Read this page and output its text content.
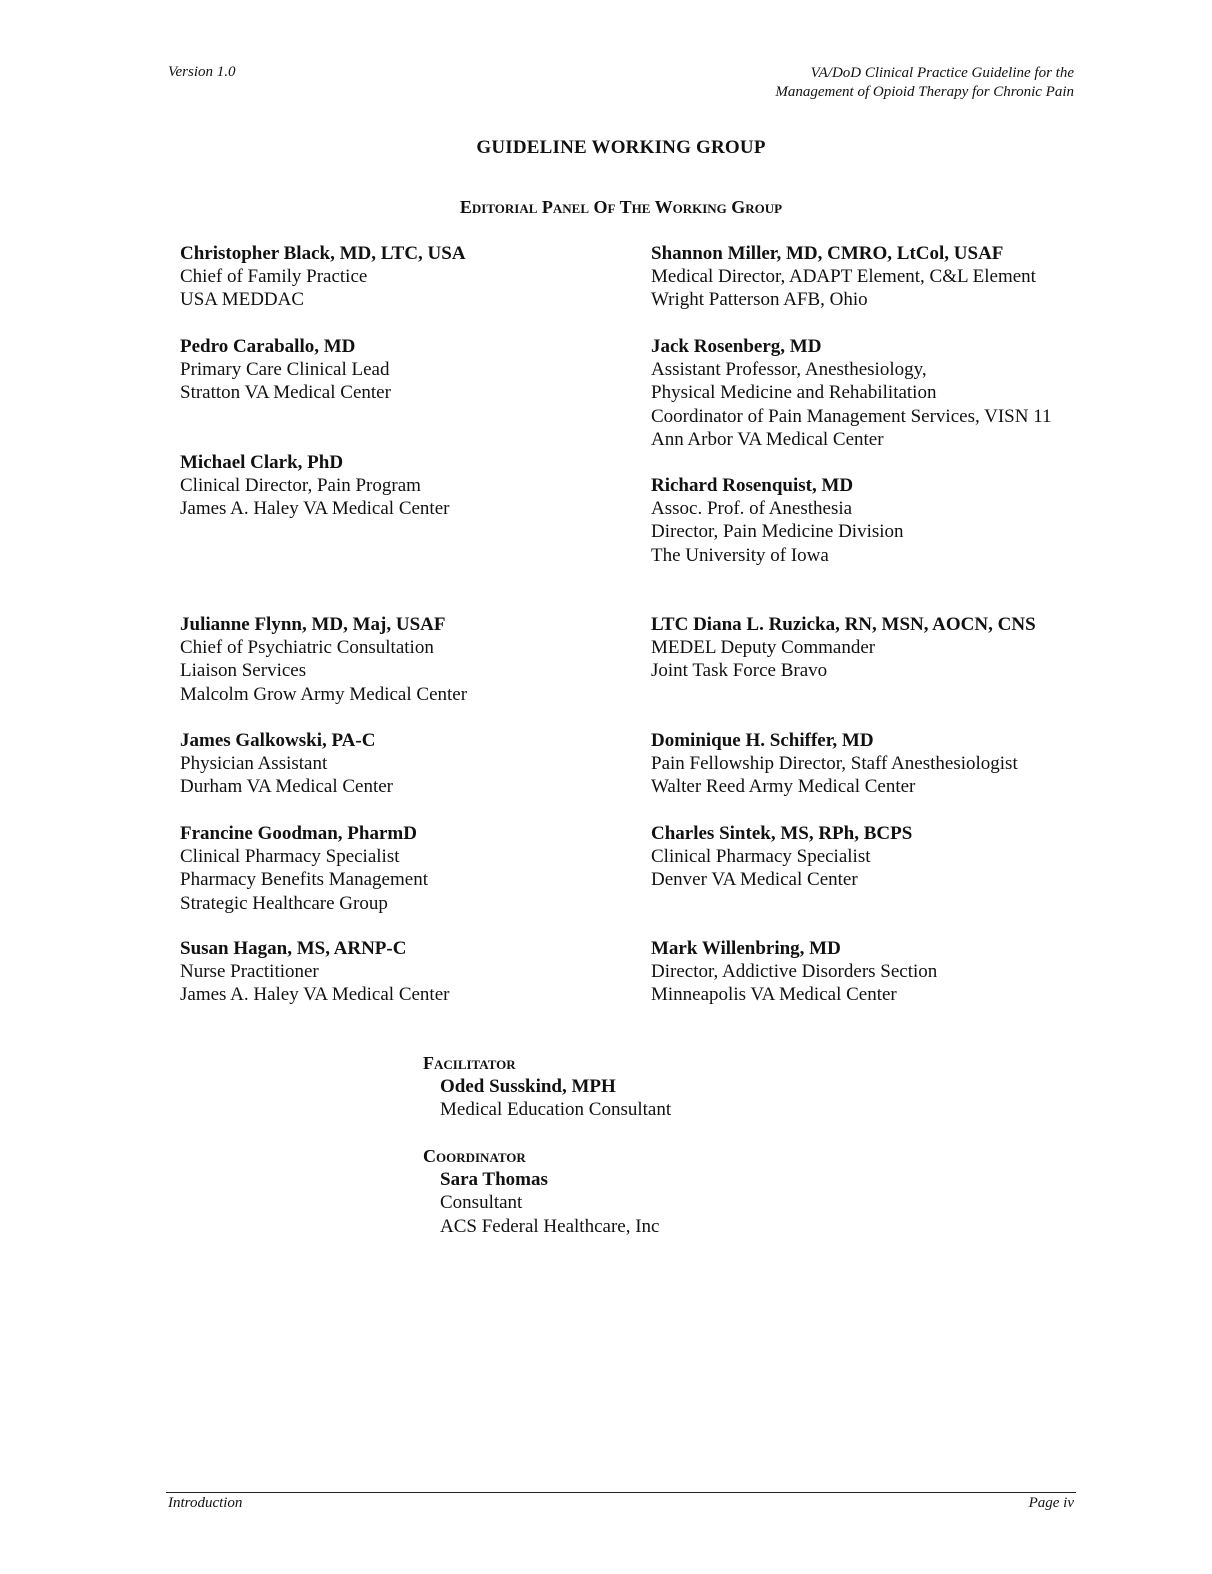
Version 1.0	VA/DoD Clinical Practice Guideline for the
Management of Opioid Therapy for Chronic Pain
GUIDELINE WORKING GROUP
Editorial Panel Of The Working Group
Christopher Black, MD, LTC, USA
Chief of Family Practice
USA MEDDAC
Pedro Caraballo, MD
Primary Care Clinical Lead
Stratton VA Medical Center
Michael Clark, PhD
Clinical Director, Pain Program
James A. Haley VA Medical Center
Julianne Flynn, MD, Maj, USAF
Chief of Psychiatric Consultation
Liaison Services
Malcolm Grow Army Medical Center
James Galkowski, PA-C
Physician Assistant
Durham VA Medical Center
Francine Goodman, PharmD
Clinical Pharmacy Specialist
Pharmacy Benefits Management
Strategic Healthcare Group
Susan Hagan, MS, ARNP-C
Nurse Practitioner
James A. Haley VA Medical Center
Shannon Miller, MD, CMRO, LtCol, USAF
Medical Director, ADAPT Element, C&L Element
Wright Patterson AFB, Ohio
Jack Rosenberg, MD
Assistant Professor, Anesthesiology,
Physical Medicine and Rehabilitation
Coordinator of Pain Management Services, VISN 11
Ann Arbor VA Medical Center
Richard Rosenquist, MD
Assoc. Prof. of Anesthesia
Director, Pain Medicine Division
The University of Iowa
LTC Diana L. Ruzicka, RN, MSN, AOCN, CNS
MEDEL Deputy Commander
Joint Task Force Bravo
Dominique H. Schiffer, MD
Pain Fellowship Director, Staff Anesthesiologist
Walter Reed Army Medical Center
Charles Sintek, MS, RPh, BCPS
Clinical Pharmacy Specialist
Denver VA Medical Center
Mark Willenbring, MD
Director, Addictive Disorders Section
Minneapolis VA Medical Center
Facilitator
Oded Susskind, MPH
Medical Education Consultant
Coordinator
Sara Thomas
Consultant
ACS Federal Healthcare, Inc
Introduction	Page iv
